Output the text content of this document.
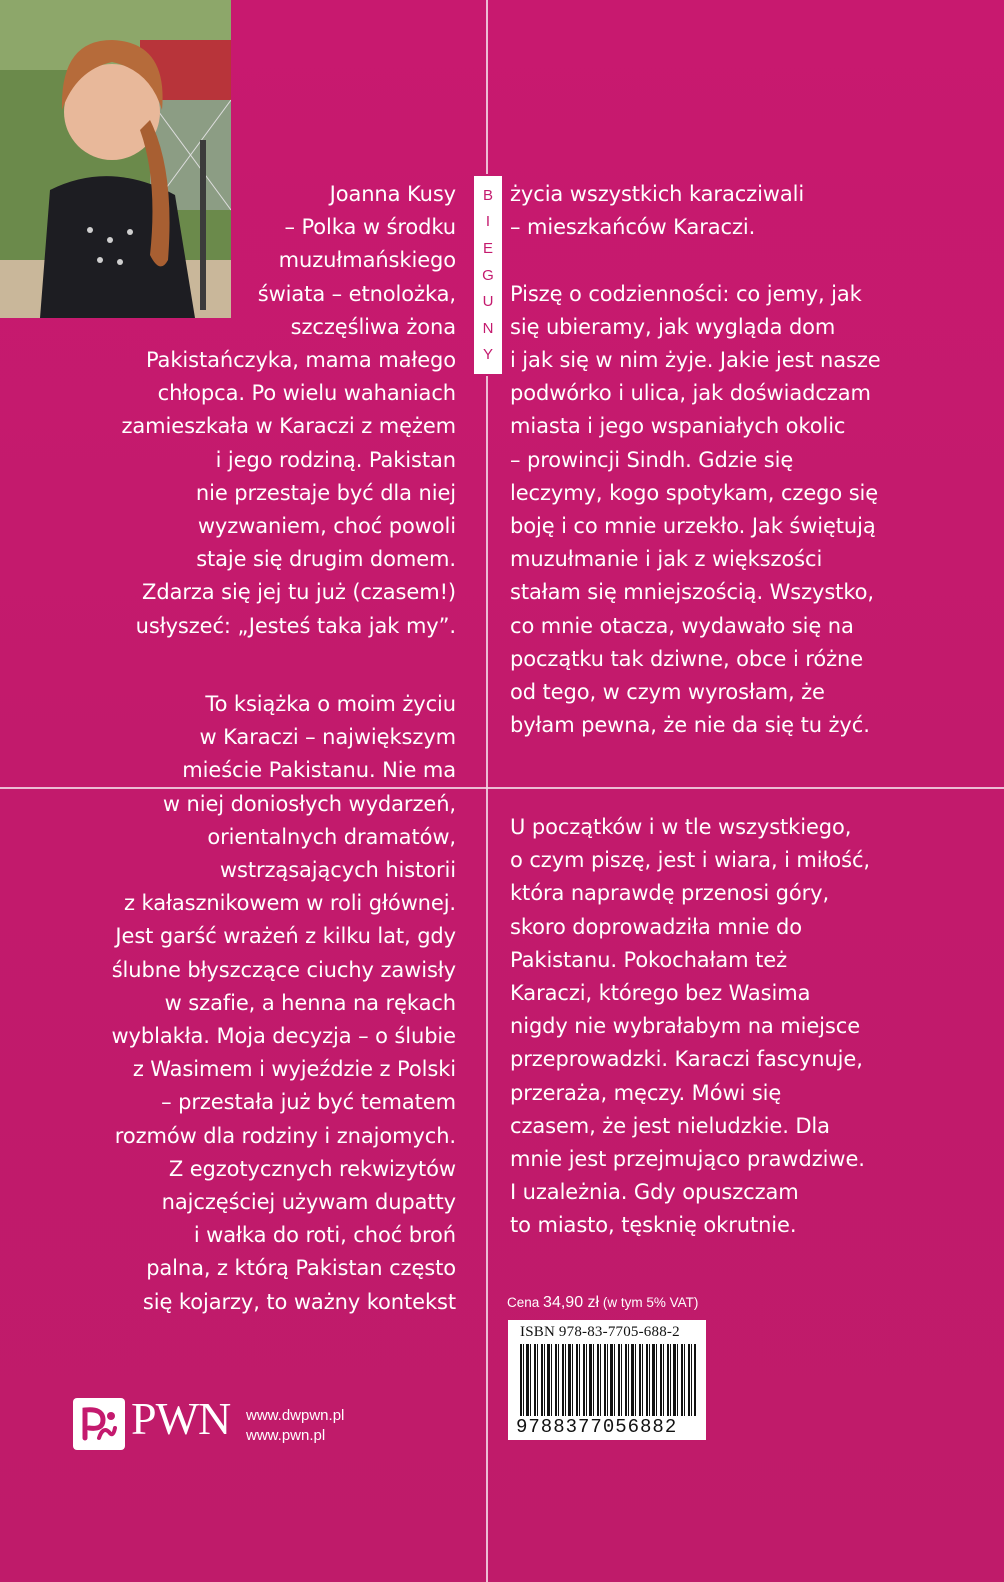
B
I
E
G
U
N
Y

Joanna Kusy
– Polka w środku
muzułmańskiego
świata – etnolożka,
szczęśliwa żona
Pakistańczyka, mama małego
chłopca. Po wielu wahaniach
zamieszkała w Karaczi z mężem
i jego rodziną. Pakistan
nie przestaje być dla niej
wyzwaniem, choć powoli
staje się drugim domem.
Zdarza się jej tu już (czasem!)
usłyszeć: „Jesteś taka jak my”.

życia wszystkich karacziwali
– mieszkańców Karaczi.

Piszę o codzienności: co jemy, jak
się ubieramy, jak wygląda dom
i jak się w nim żyje. Jakie jest nasze
podwórko i ulica, jak doświadczam
miasta i jego wspaniałych okolic
– prowincji Sindh. Gdzie się
leczymy, kogo spotykam, czego się
boję i co mnie urzekło. Jak świętują
muzułmanie i jak z większości
stałam się mniejszością. Wszystko,
co mnie otacza, wydawało się na
początku tak dziwne, obce i różne
od tego, w czym wyrosłam, że
byłam pewna, że nie da się tu żyć.

To książka o moim życiu
w Karaczi – największym
mieście Pakistanu. Nie ma
w niej doniosłych wydarzeń,
orientalnych dramatów,
wstrząsających historii
z kałasznikowem w roli głównej.
Jest garść wrażeń z kilku lat, gdy
ślubne błyszczące ciuchy zawisły
w szafie, a henna na rękach
wyblakła. Moja decyzja – o ślubie
z Wasimem i wyjeździe z Polski
– przestała już być tematem
rozmów dla rodziny i znajomych.
Z egzotycznych rekwizytów
najczęściej używam dupatty
i wałka do roti, choć broń
palna, z którą Pakistan często
się kojarzy, to ważny kontekst

U początków i w tle wszystkiego,
o czym piszę, jest i wiara, i miłość,
która naprawdę przenosi góry,
skoro doprowadziła mnie do
Pakistanu. Pokochałam też
Karaczi, którego bez Wasima
nigdy nie wybrałabym na miejsce
przeprowadzki. Karaczi fascynuje,
przeraża, męczy. Mówi się
czasem, że jest nieludzkie. Dla
mnie jest przejmująco prawdziwe.
I uzależnia. Gdy opuszczam
to miasto, tęsknię okrutnie.

Cena 34,90 zł (w tym 5% VAT)
ISBN 978-83-7705-688-2
9788377056882
PWN www.dwpwn.pl
www.pwn.pl
